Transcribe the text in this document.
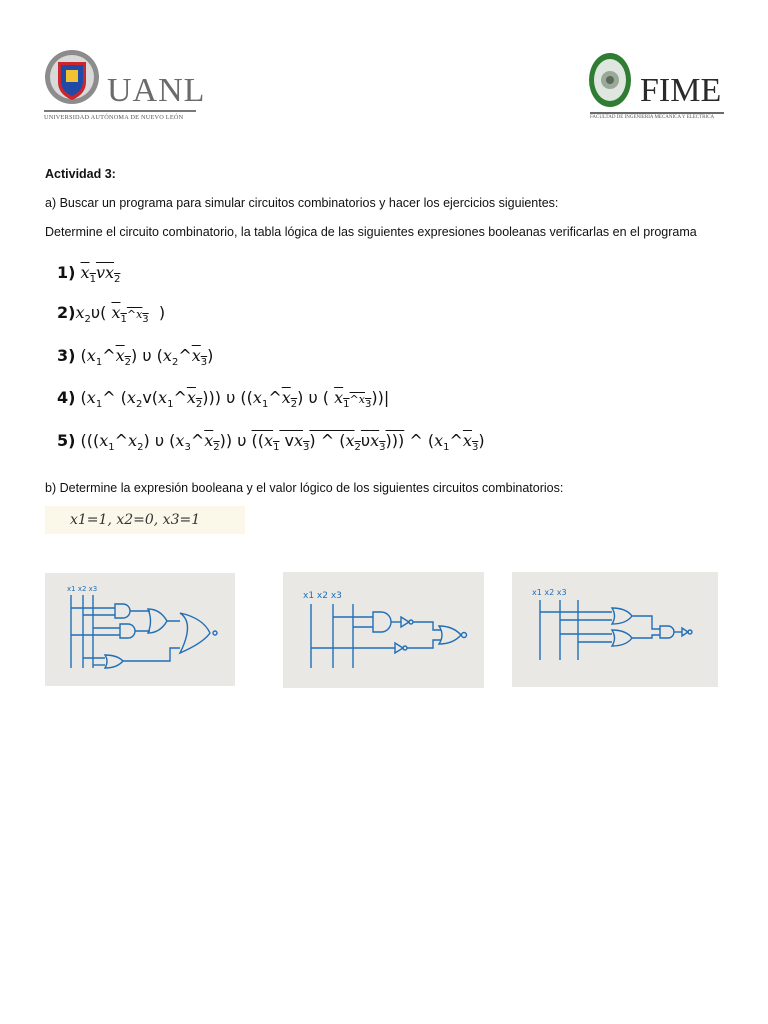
UANL
UNIVERSIDAD AUTÓNOMA DE NUEVO LEÓN
FIME
FACULTAD DE INGENIERÍA MECÁNICA Y ELÉCTRICA
Actividad 3:
a) Buscar un programa para simular circuitos combinatorios y hacer los ejercicios siguientes:
Determine el circuito combinatorio, la tabla lógica de las siguientes expresiones booleanas verificarlas en el programa
1) $x_1vx_2$
$2)x_2\upsilon$( $x_1\^{}x_3$  )
3) $(x_1\^{}x_2)$ υ $(x_2\^{}x_3)$
4) ($x_1\^{}$ $(x_2v(x_1\^{}x_2))$) υ ($(x_1\^{}x_2)$ υ ( $x_1\^{}x_3))|$
5) (($(x_1\^{}x_2)$ υ $(x_3\^{}x_2)$) υ (($x_1$ $vx_3$) ^ $(x_2\upsilon x_3)$)) ^ $(x_1\^{}x_3)$
b) Determine la expresión booleana y el valor lógico de los siguientes circuitos combinatorios:
x1=1, x2=0, x3=1
x1 x2 x3
x1 x2 x3	x1 x2 x3
